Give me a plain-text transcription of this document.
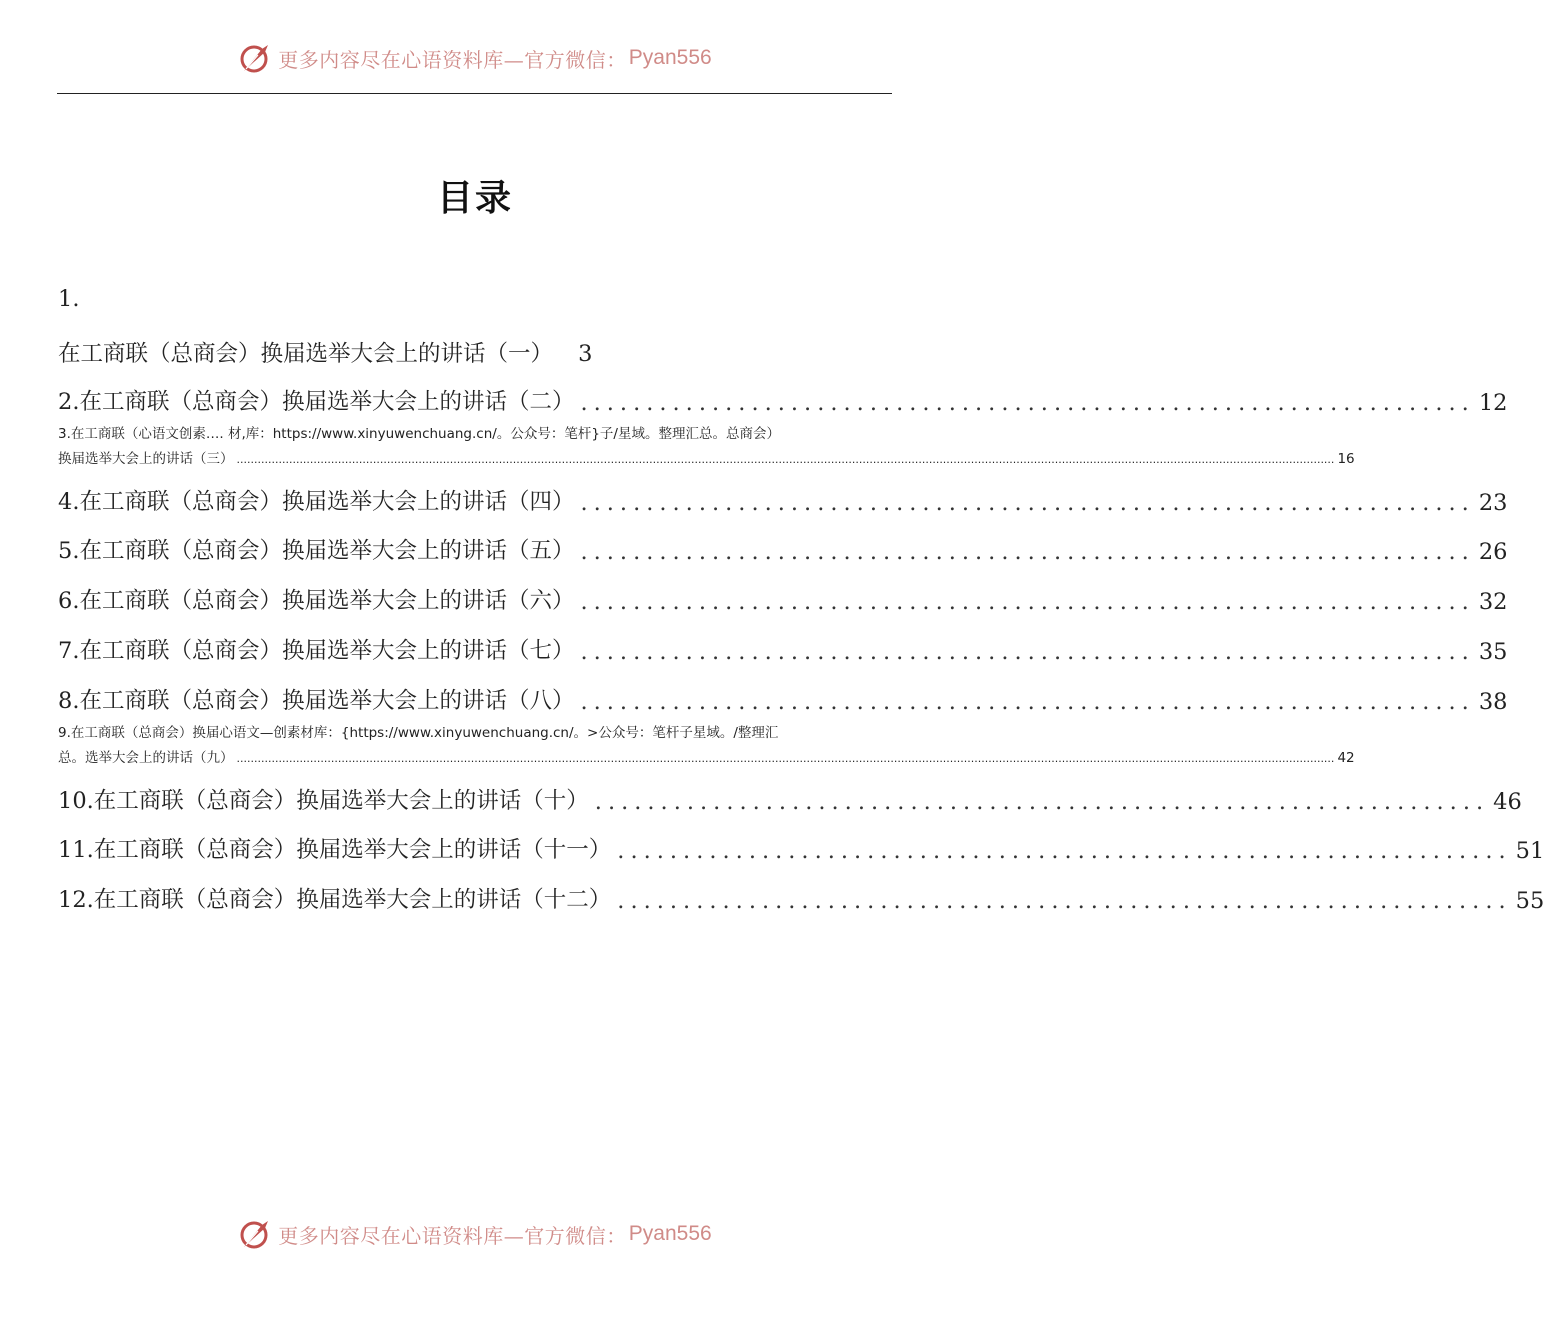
更多内容尽在心语资料库—官方微信： Pyan556
目录
1.
在工商联（总商会）换届选举大会上的讲话（一） 3
2.在工商联（总商会）换届选举大会上的讲话（二） .................................................................... 12
3.在工商联（心语文创素…. 材,库：https://www.xinyuwenchuang.cn/。公众号：笔杆}子/星域。整理汇总。总商会）
换届选举大会上的讲话（三） .......................................................................................................................................................................................................................................................................................................................... 16
4.在工商联（总商会）换届选举大会上的讲话（四） .................................................................... 23
5.在工商联（总商会）换届选举大会上的讲话（五） .................................................................... 26
6.在工商联（总商会）换届选举大会上的讲话（六） .................................................................... 32
7.在工商联（总商会）换届选举大会上的讲话（七） .................................................................... 35
8.在工商联（总商会）换届选举大会上的讲话（八） .................................................................... 38
9.在工商联（总商会）换届心语文—创素材库：{https://www.xinyuwenchuang.cn/。>公众号：笔杆子星域。/整理汇
总。选举大会上的讲话（九） .......................................................................................................................................................................................................................................................................................................................... 42
10.在工商联（总商会）换届选举大会上的讲话（十） .................................................................... 46
11.在工商联（总商会）换届选举大会上的讲话（十一） .................................................................... 51
12.在工商联（总商会）换届选举大会上的讲话（十二） .................................................................... 55
更多内容尽在心语资料库—官方微信： Pyan556
